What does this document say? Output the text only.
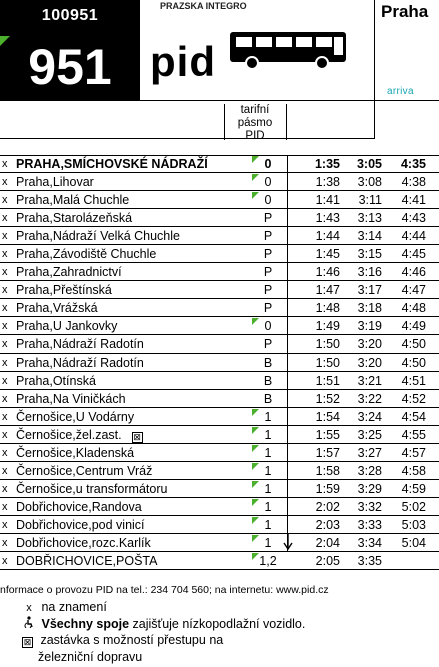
100951
951
PRAZSKA INTEGRO
pid
Praha
arriva
tarifní
pásmo
PID
x PRAHA,SMÍCHOVSKÉ NÁDRAŽÍ	0	1:35	3:05	4:35
x Praha,Lihovar	0	1:38	3:08	4:38
x Praha,Malá Chuchle	0	1:41	3:11	4:41
x Praha,Starolázeňská	P	1:43	3:13	4:43
x Praha,Nádraží Velká Chuchle	P	1:44	3:14	4:44
x Praha,Závodiště Chuchle	P	1:45	3:15	4:45
x Praha,Zahradnictví	P	1:46	3:16	4:46
x Praha,Přeštínská	P	1:47	3:17	4:47
x Praha,Vrážská	P	1:48	3:18	4:48
x Praha,U Jankovky	0	1:49	3:19	4:49
x Praha,Nádraží Radotín	P	1:50	3:20	4:50
x Praha,Nádraží Radotín	B	1:50	3:20	4:50
x Praha,Otínská	B	1:51	3:21	4:51
x Praha,Na Viničkách	B	1:52	3:22	4:52
x Černošice,U Vodárny	1	1:54	3:24	4:54
x Černošice,žel.zast. ⊠	1	1:55	3:25	4:55
x Černošice,Kladenská	1	1:57	3:27	4:57
x Černošice,Centrum Vráž	1	1:58	3:28	4:58
x Černošice,u transformátoru	1	1:59	3:29	4:59
x Dobřichovice,Randova	1	2:02	3:32	5:02
x Dobřichovice,pod vinicí	1	2:03	3:33	5:03
x Dobřichovice,rozc.Karlík	1	2:04	3:34	5:04
x DOBŘICHOVICE,POŠTA	1,2	2:05	3:35
nformace o provozu PID na tel.: 234 704 560; na internetu: www.pid.cz
x na znamení
Všechny spoje zajišťuje nízkopodlažní vozidlo.
⊠ zastávka s možností přestupu na
železniční dopravu
